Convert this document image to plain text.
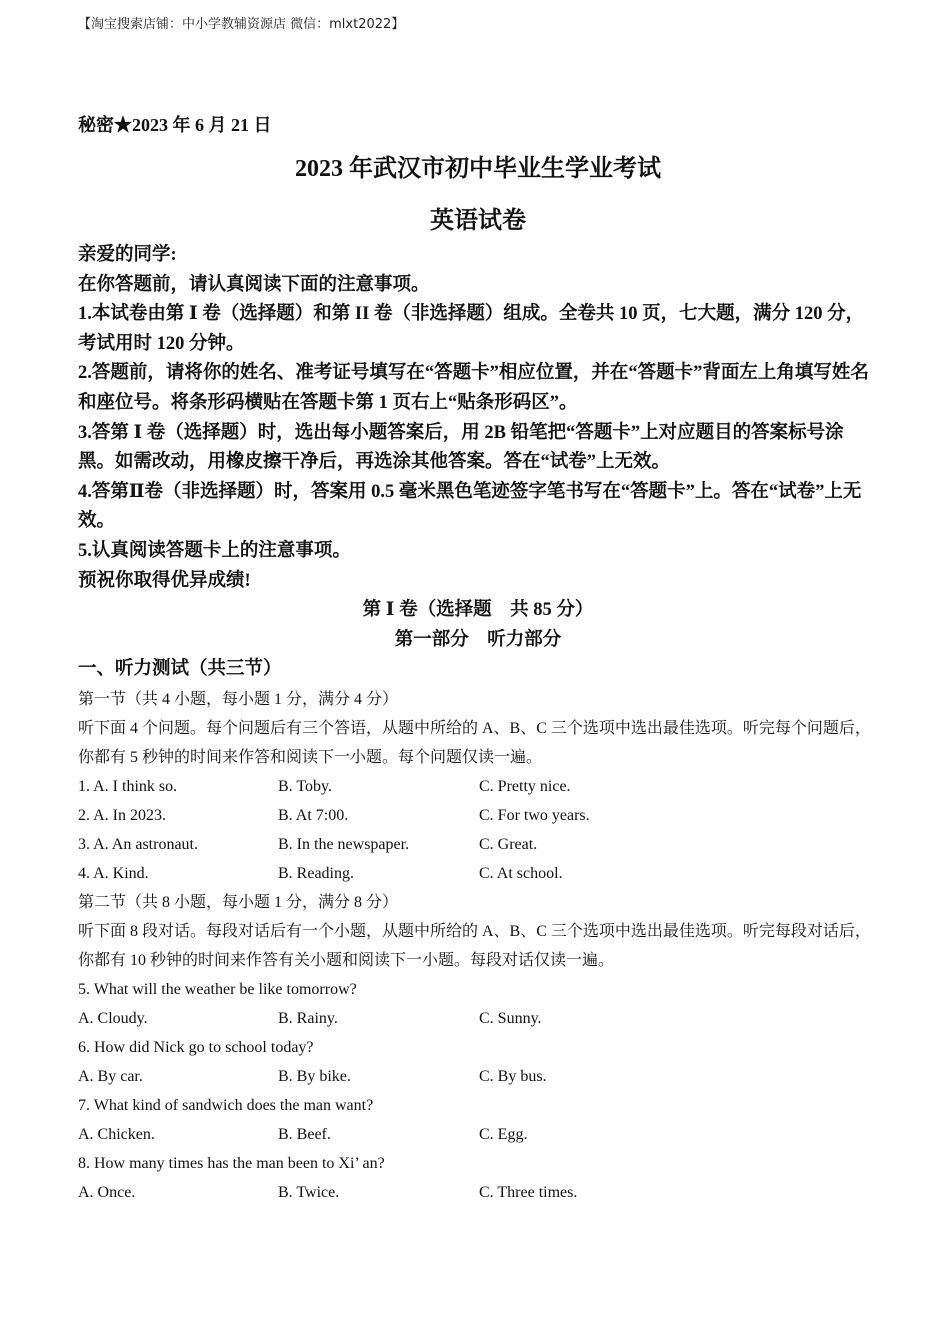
【淘宝搜索店铺：中小学教辅资源店 微信：mlxt2022】
秘密★2023 年 6 月 21 日
2023 年武汉市初中毕业生学业考试
英语试卷
亲爱的同学:
在你答题前，请认真阅读下面的注意事项。
1.本试卷由第 Ⅰ 卷（选择题）和第 II 卷（非选择题）组成。全卷共 10 页，七大题，满分 120 分，考试用时 120 分钟。
2.答题前，请将你的姓名、准考证号填写在“答题卡”相应位置，并在“答题卡”背面左上角填写姓名和座位号。将条形码横贴在答题卡第 1 页右上“贴条形码区”。
3.答第 Ⅰ 卷（选择题）时，选出每小题答案后，用 2B 铅笔把“答题卡”上对应题目的答案标号涂黑。如需改动，用橡皮擦干净后，再选涂其他答案。答在“试卷”上无效。
4.答第Ⅱ卷（非选择题）时，答案用 0.5 毫米黑色笔迹签字笔书写在“答题卡”上。答在“试卷”上无效。
5.认真阅读答题卡上的注意事项。
预祝你取得优异成绩!
第 Ⅰ 卷（选择题　共 85 分）
第一部分　听力部分
一、听力测试（共三节）
第一节（共 4 小题，每小题 1 分，满分 4 分）
听下面 4 个问题。每个问题后有三个答语，从题中所给的 A、B、C 三个选项中选出最佳选项。听完每个问题后，你都有 5 秒钟的时间来作答和阅读下一小题。每个问题仅读一遍。
1. A. I think so.	B. Toby.	C. Pretty nice.
2. A. In 2023.	B. At 7:00.	C. For two years.
3. A. An astronaut.	B. In the newspaper.	C. Great.
4. A. Kind.	B. Reading.	C. At school.
第二节（共 8 小题，每小题 1 分，满分 8 分）
听下面 8 段对话。每段对话后有一个小题，从题中所给的 A、B、C 三个选项中选出最佳选项。听完每段对话后，你都有 10 秒钟的时间来作答有关小题和阅读下一小题。每段对话仅读一遍。
5. What will the weather be like tomorrow?
A. Cloudy.	B. Rainy.	C. Sunny.
6. How did Nick go to school today?
A. By car.	B. By bike.	C. By bus.
7. What kind of sandwich does the man want?
A. Chicken.	B. Beef.	C. Egg.
8. How many times has the man been to Xi’ an?
A. Once.	B. Twice.	C. Three times.
